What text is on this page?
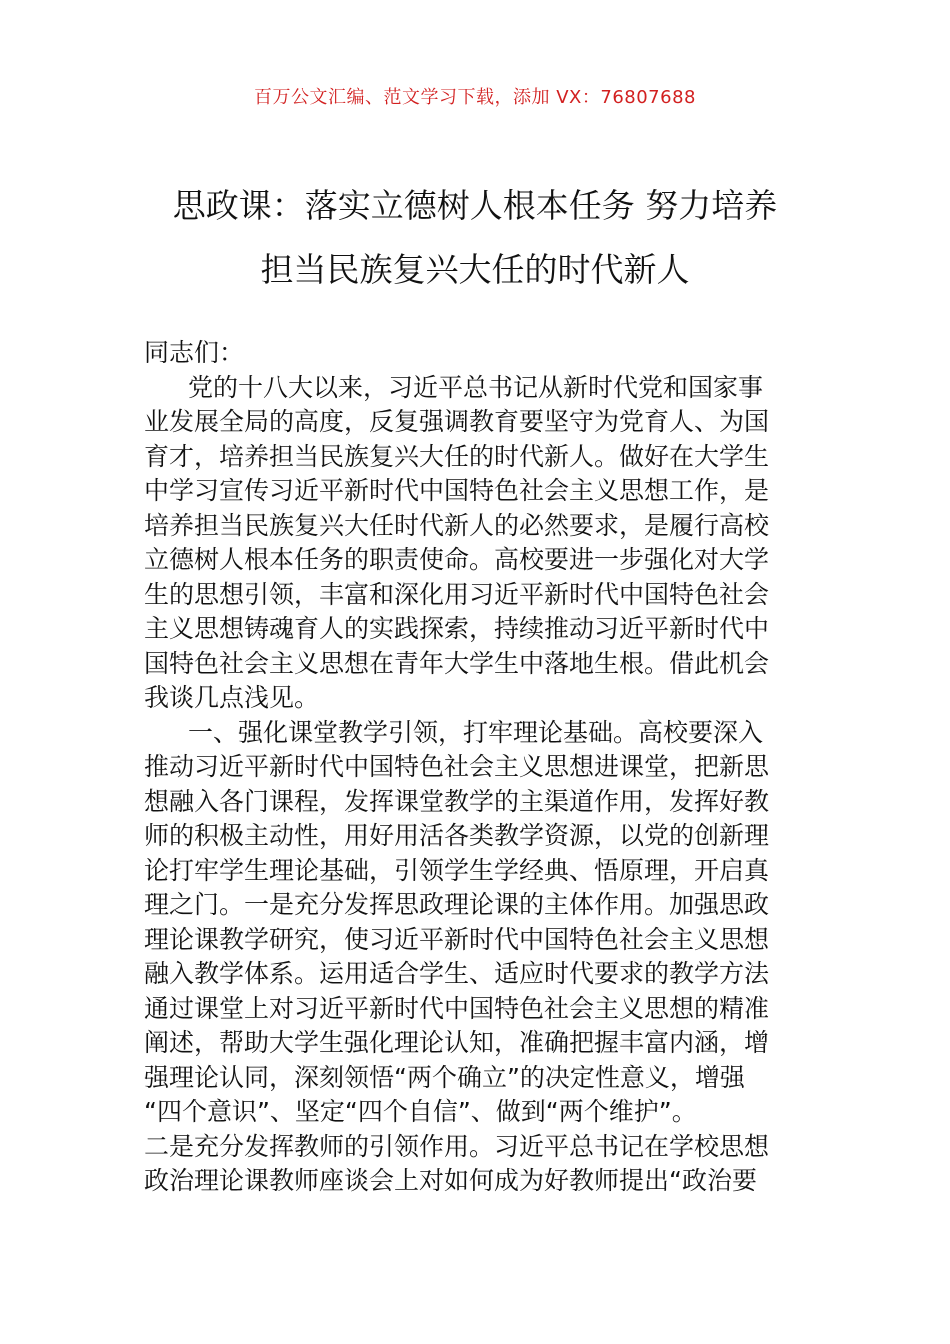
百万公文汇编、范文学习下载，添加 VX：76807688
思政课：落实立德树人根本任务 努力培养
担当民族复兴大任的时代新人
同志们：
党的十八大以来，习近平总书记从新时代党和国家事
业发展全局的高度，反复强调教育要坚守为党育人、为国
育才，培养担当民族复兴大任的时代新人。做好在大学生
中学习宣传习近平新时代中国特色社会主义思想工作，是
培养担当民族复兴大任时代新人的必然要求，是履行高校
立德树人根本任务的职责使命。高校要进一步强化对大学
生的思想引领，丰富和深化用习近平新时代中国特色社会
主义思想铸魂育人的实践探索，持续推动习近平新时代中
国特色社会主义思想在青年大学生中落地生根。借此机会
我谈几点浅见。
一、强化课堂教学引领，打牢理论基础。高校要深入
推动习近平新时代中国特色社会主义思想进课堂，把新思
想融入各门课程，发挥课堂教学的主渠道作用，发挥好教
师的积极主动性，用好用活各类教学资源，以党的创新理
论打牢学生理论基础，引领学生学经典、悟原理，开启真
理之门。一是充分发挥思政理论课的主体作用。加强思政
理论课教学研究，使习近平新时代中国特色社会主义思想
融入教学体系。运用适合学生、适应时代要求的教学方法
通过课堂上对习近平新时代中国特色社会主义思想的精准
阐述，帮助大学生强化理论认知，准确把握丰富内涵，增
强理论认同，深刻领悟“两个确立”的决定性意义，增强
“四个意识”、坚定“四个自信”、做到“两个维护”。
二是充分发挥教师的引领作用。习近平总书记在学校思想
政治理论课教师座谈会上对如何成为好教师提出“政治要
